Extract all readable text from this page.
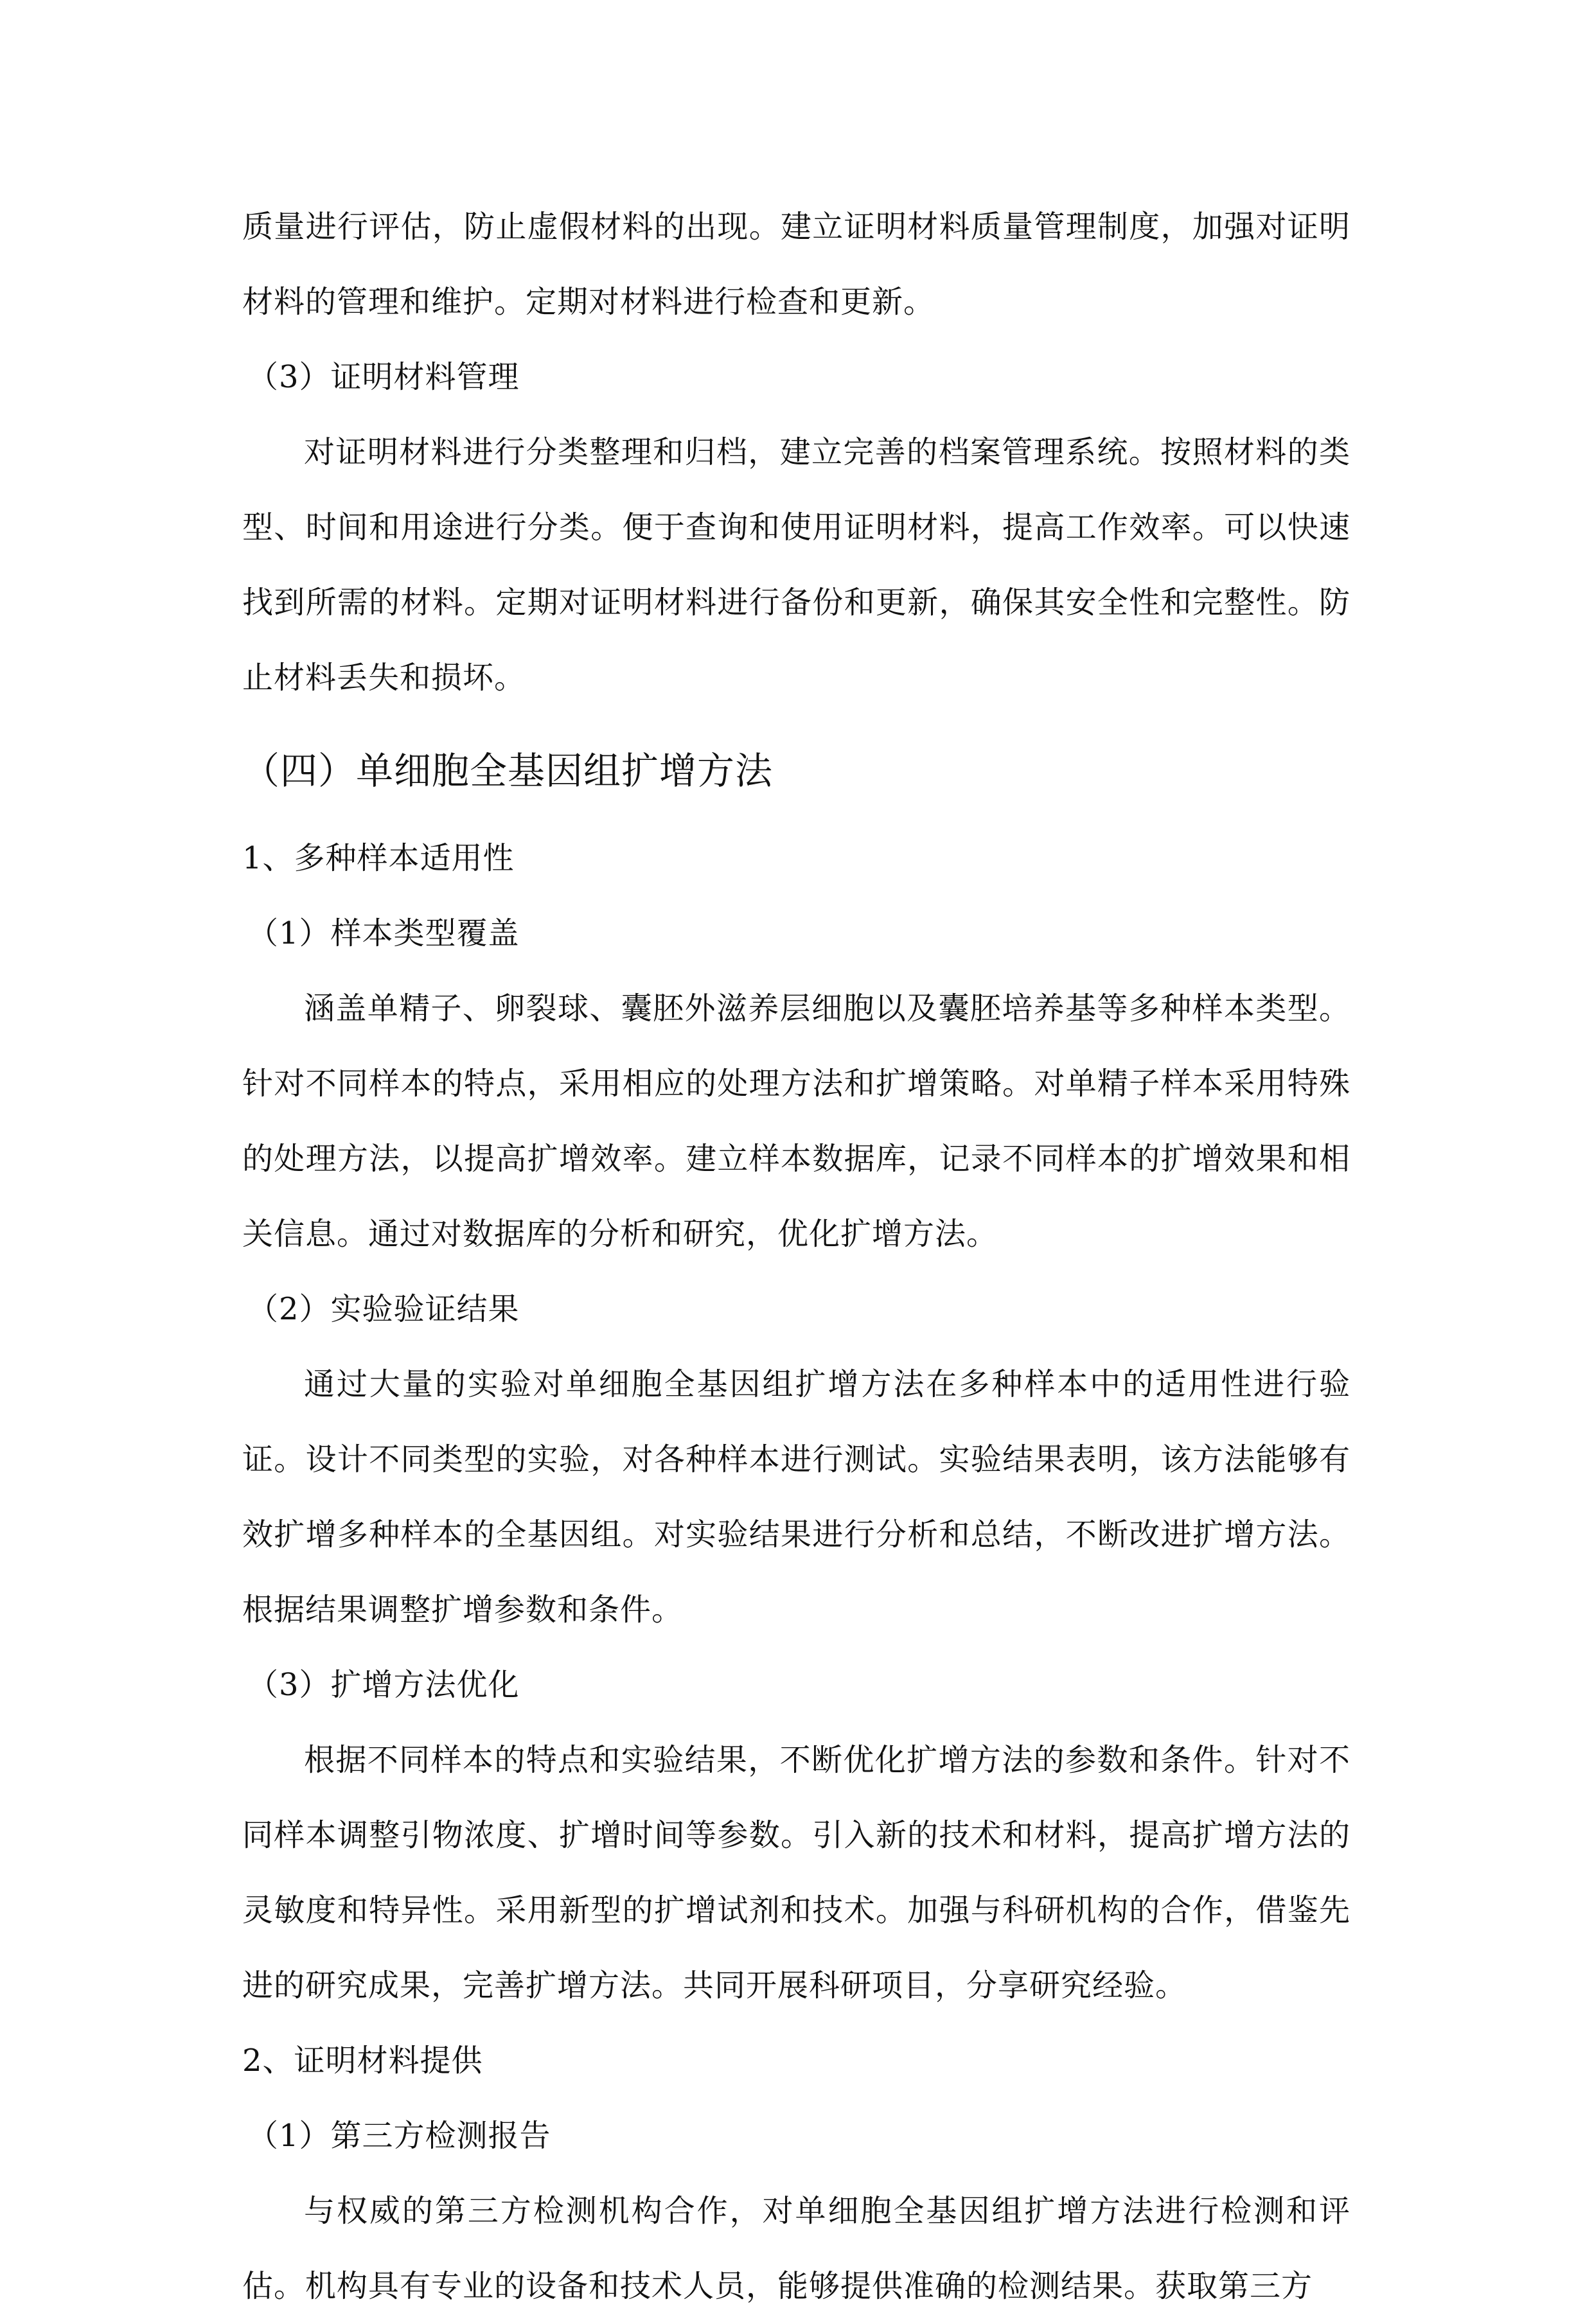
质量进行评估，防止虚假材料的出现。建立证明材料质量管理制度，加强对证明材料的管理和维护。定期对材料进行检查和更新。

（3）证明材料管理

对证明材料进行分类整理和归档，建立完善的档案管理系统。按照材料的类型、时间和用途进行分类。便于查询和使用证明材料，提高工作效率。可以快速找到所需的材料。定期对证明材料进行备份和更新，确保其安全性和完整性。防止材料丢失和损坏。

（四）单细胞全基因组扩增方法
1、多种样本适用性
（1）样本类型覆盖

涵盖单精子、卵裂球、囊胚外滋养层细胞以及囊胚培养基等多种样本类型。针对不同样本的特点，采用相应的处理方法和扩增策略。对单精子样本采用特殊的处理方法，以提高扩增效率。建立样本数据库，记录不同样本的扩增效果和相关信息。通过对数据库的分析和研究，优化扩增方法。

（2）实验验证结果

通过大量的实验对单细胞全基因组扩增方法在多种样本中的适用性进行验证。设计不同类型的实验，对各种样本进行测试。实验结果表明，该方法能够有效扩增多种样本的全基因组。对实验结果进行分析和总结，不断改进扩增方法。根据结果调整扩增参数和条件。

（3）扩增方法优化

根据不同样本的特点和实验结果，不断优化扩增方法的参数和条件。针对不同样本调整引物浓度、扩增时间等参数。引入新的技术和材料，提高扩增方法的灵敏度和特异性。采用新型的扩增试剂和技术。加强与科研机构的合作，借鉴先进的研究成果，完善扩增方法。共同开展科研项目，分享研究经验。

2、证明材料提供
（1）第三方检测报告

与权威的第三方检测机构合作，对单细胞全基因组扩增方法进行检测和评估。机构具有专业的设备和技术人员，能够提供准确的检测结果。获取第三方
